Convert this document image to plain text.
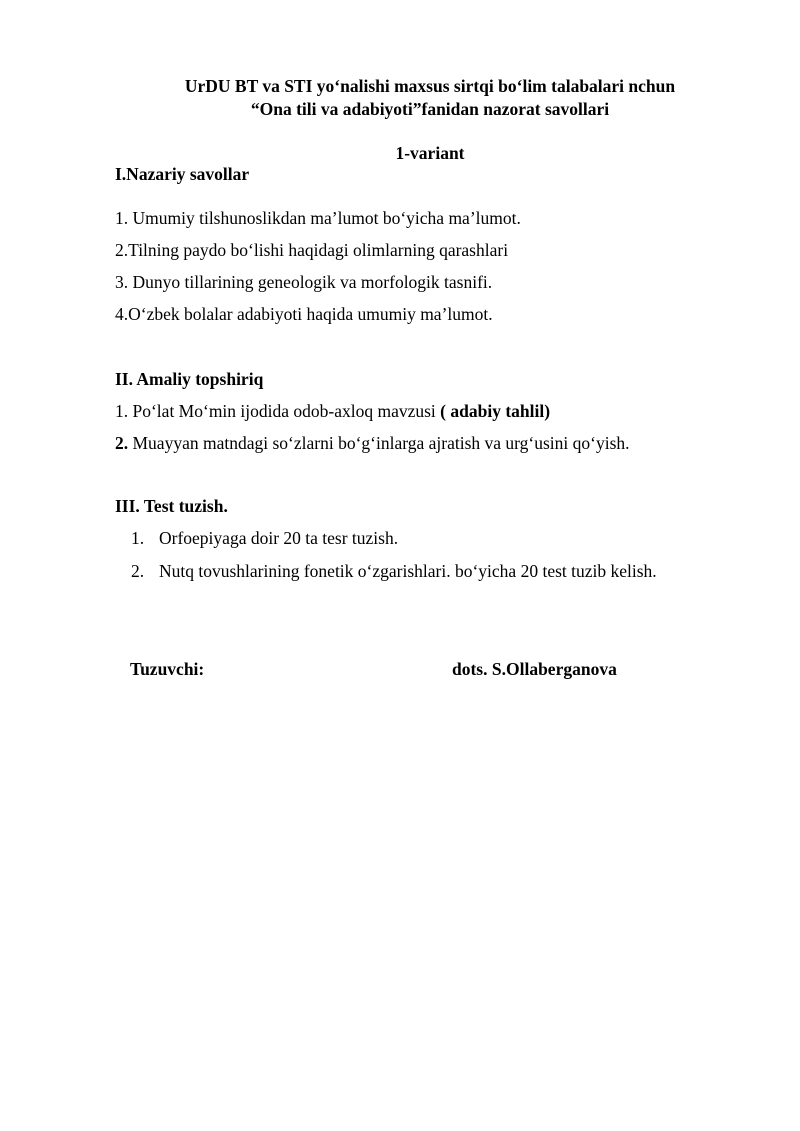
UrDU BT va STI yo‘nalishi maxsus sirtqi bo‘lim talabalari nchun
“Ona tili va adabiyoti”fanidan nazorat savollari
1-variant
I.Nazariy savollar
1. Umumiy tilshunoslikdan ma’lumot bo‘yicha ma’lumot.
2.Tilning paydo bo‘lishi haqidagi olimlarning qarashlari
3. Dunyo tillarining geneologik va morfologik tasnifi.
4.O‘zbek bolalar adabiyoti haqida umumiy ma’lumot.
II. Amaliy topshiriq
1. Po‘lat Mo‘min ijodida odob-axloq mavzusi ( adabiy tahlil)
2. Muayyan matndagi so‘zlarni bo‘g‘inlarga ajratish va urg‘usini qo‘yish.
III. Test tuzish.
1. Orfoepiyaga doir 20 ta tesr tuzish.
2. Nutq tovushlarining fonetik o‘zgarishlari. bo‘yicha 20 test tuzib kelish.
Tuzuvchi:	dots. S.Ollaberganova
